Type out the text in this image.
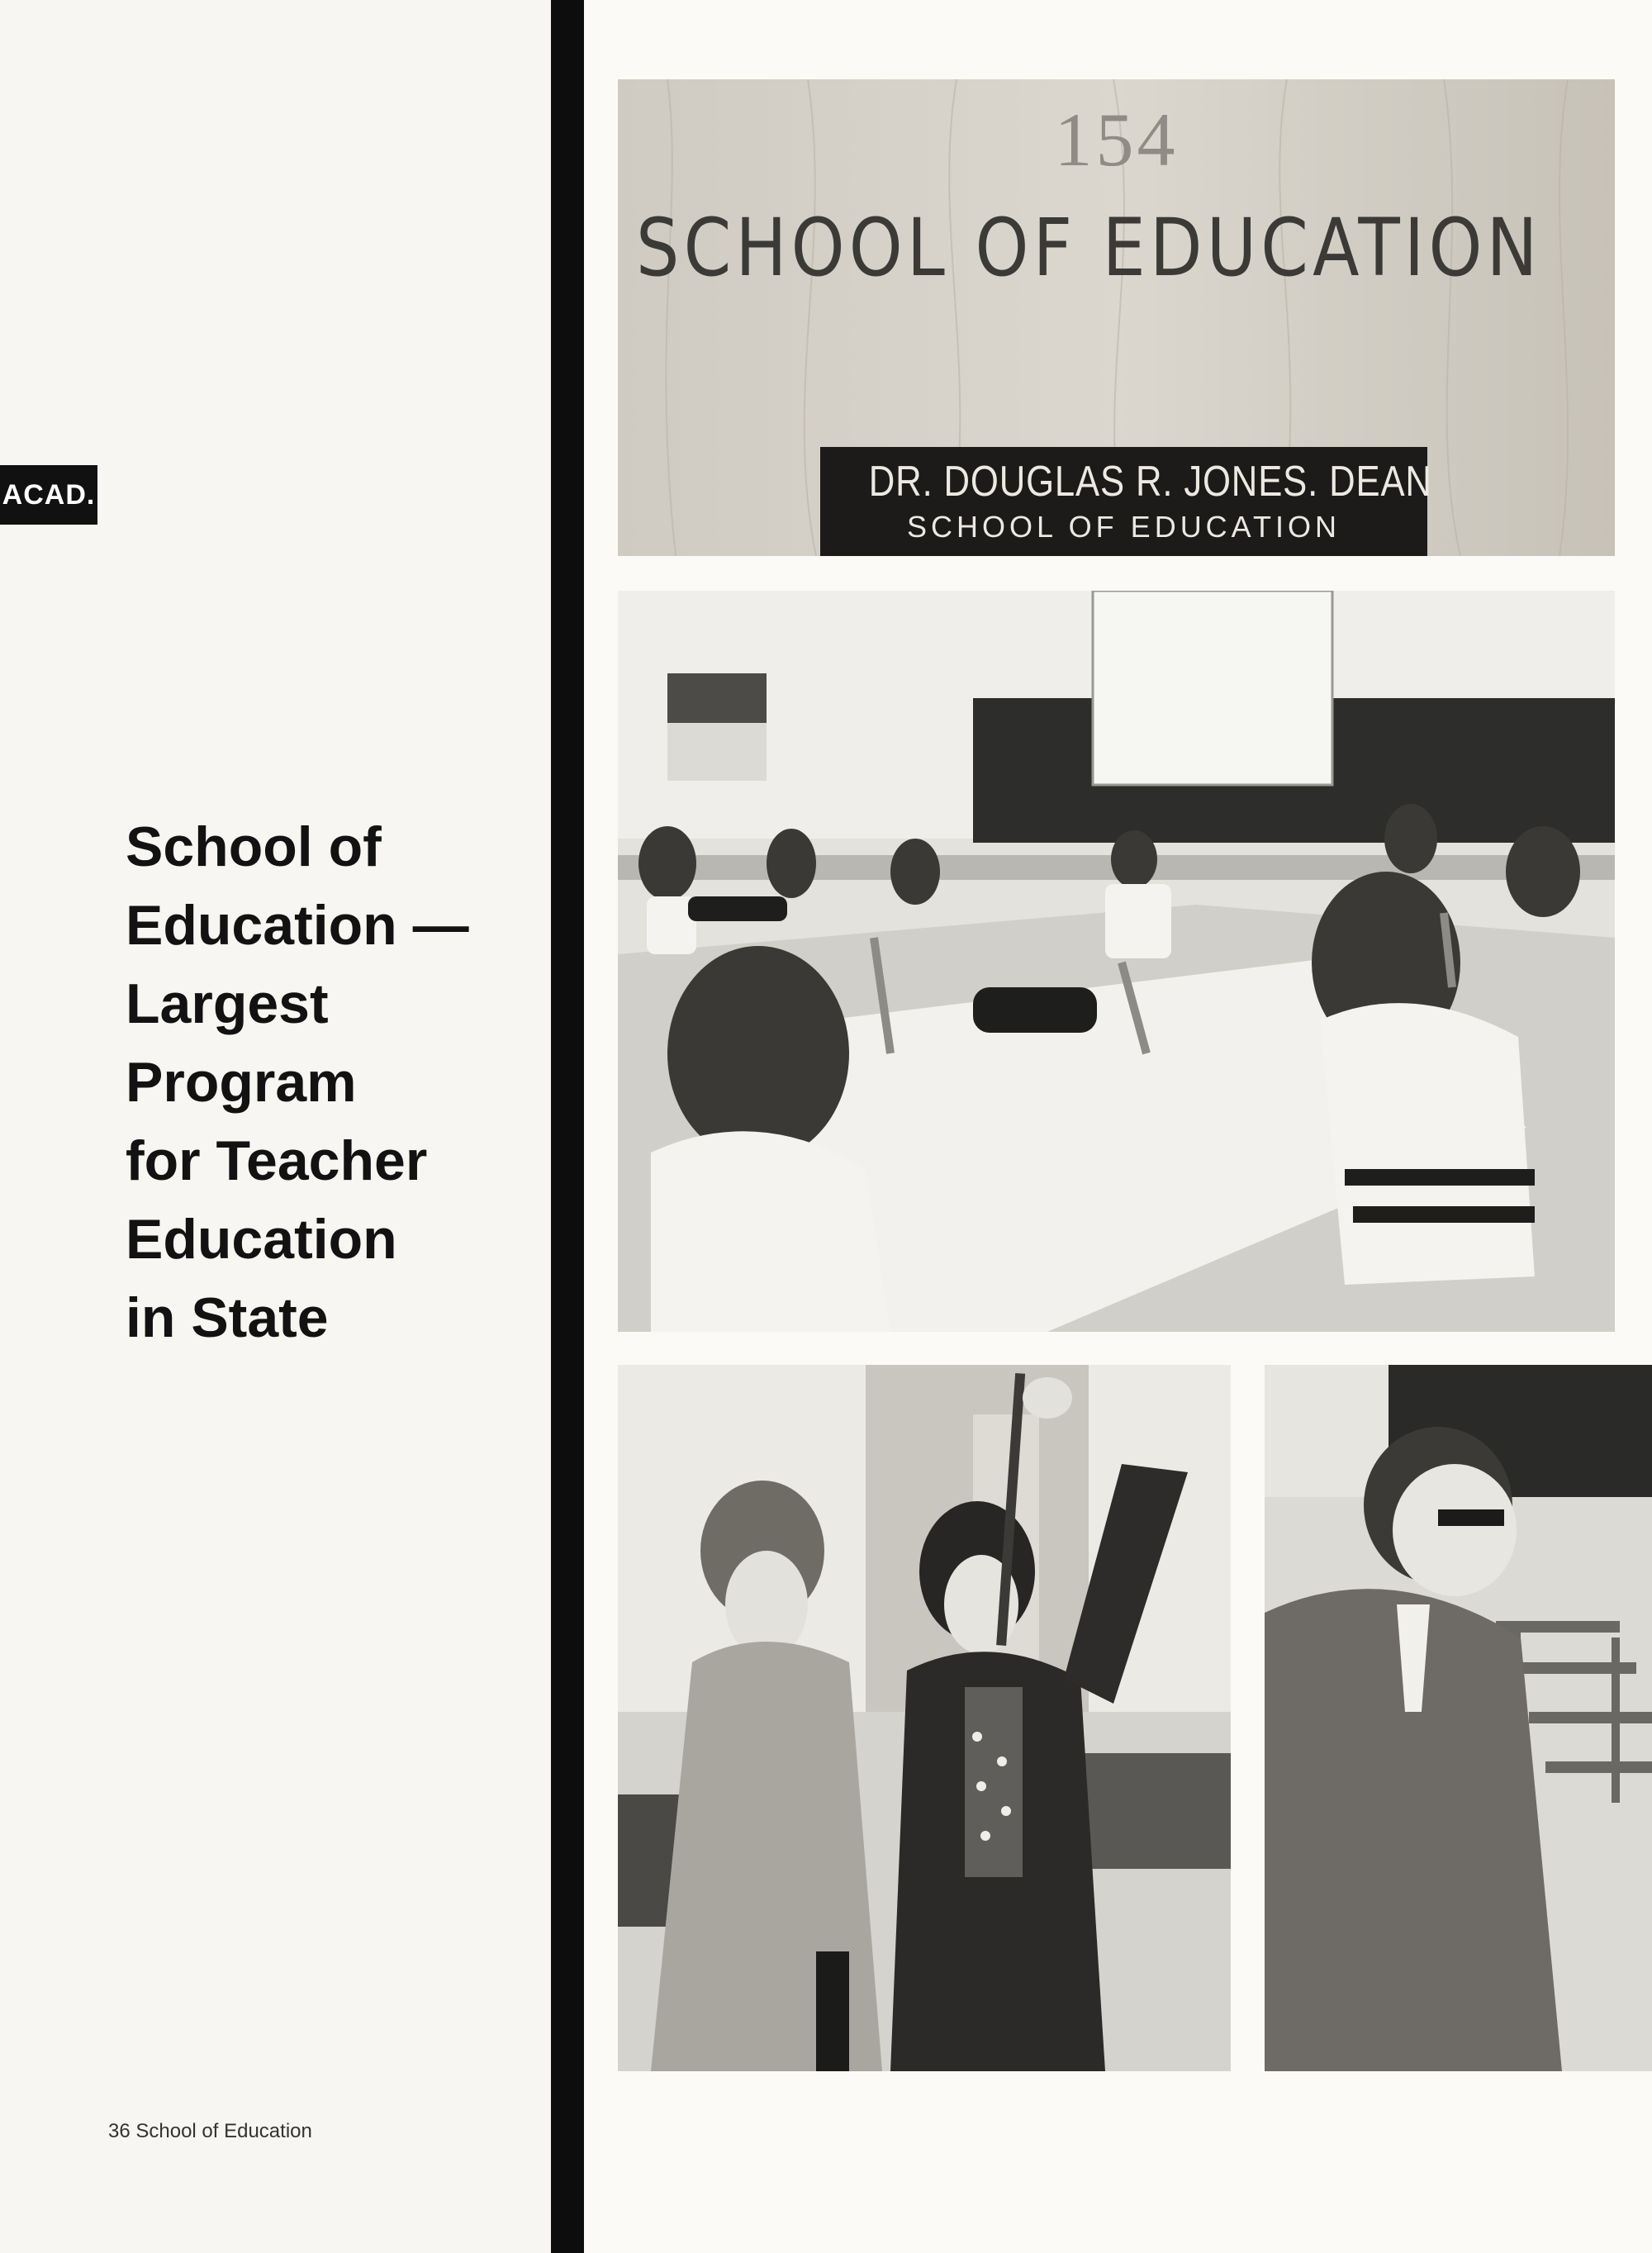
ACAD.
School of
Education —
Largest
Program
for Teacher
Education
in State
36 School of Education
154
SCHOOL OF EDUCATION
DR. DOUGLAS R. JONES. DEAN
SCHOOL OF EDUCATION
